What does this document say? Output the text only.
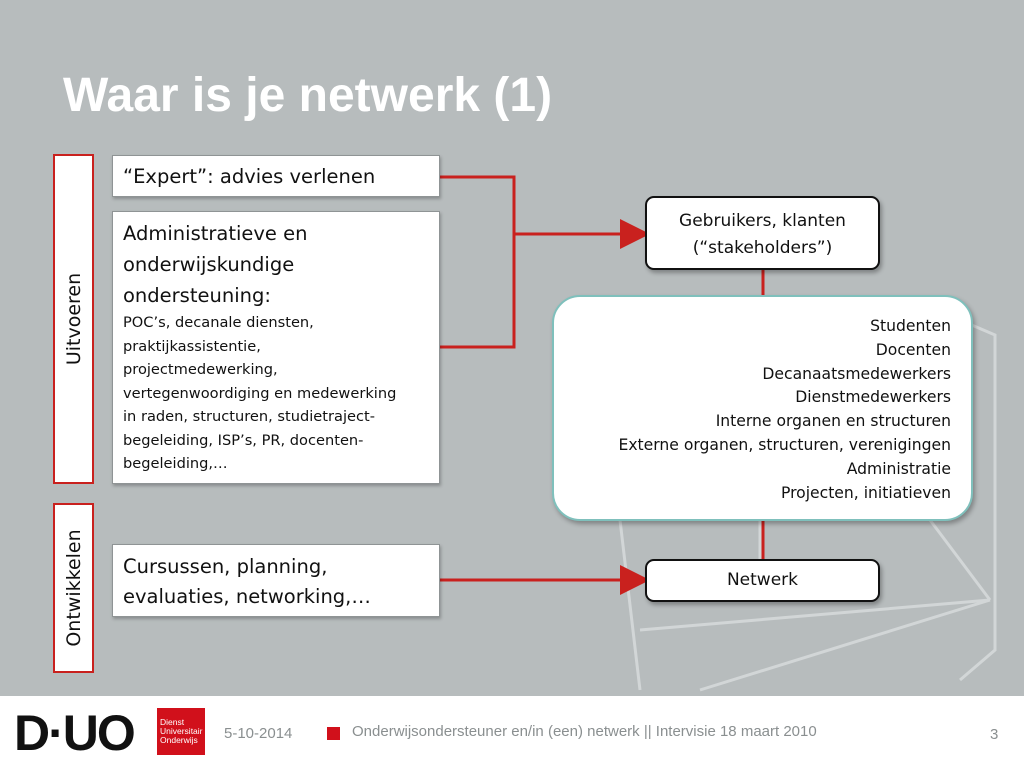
Waar is je netwerk (1)
Uitvoeren
Ontwikkelen
“Expert”: advies verlenen
Administratieve en
onderwijskundige
ondersteuning:
POC’s, decanale diensten,
praktijkassistentie,
projectmedewerking,
vertegenwoordiging en medewerking
in raden, structuren, studietraject-
begeleiding, ISP’s, PR, docenten-
begeleiding,…
Cursussen, planning,
evaluaties, networking,…
Gebruikers, klanten
(“stakeholders”)
Studenten
Docenten
Decanaatsmedewerkers
Dienstmedewerkers
Interne organen en structuren
Externe organen, structuren, verenigingen
Administratie
Projecten, initiatieven
Netwerk
D·UO	Dienst
Universitair
Onderwijs	5-10-2014	Onderwijsondersteuner en/in (een) netwerk || Intervisie 18 maart 2010	3
